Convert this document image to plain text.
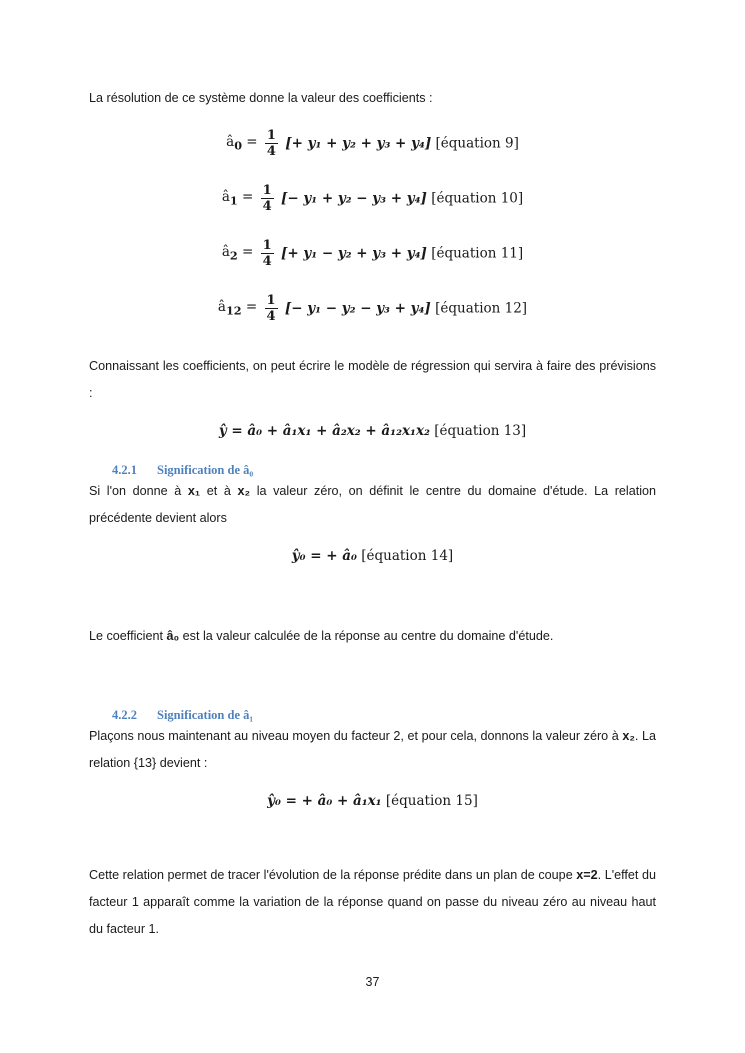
La résolution de ce système donne la valeur des coefficients :

$â_0 = \frac{1}{4}$ [+ y₁ + y₂ + y₃ + y₄] [équation 9]
$â_1 = \frac{1}{4}$ [− y₁ + y₂ − y₃ + y₄] [équation 10]
$â_2 = \frac{1}{4}$ [+ y₁ − y₂ + y₃ + y₄] [équation 11]
$â_{12} = \frac{1}{4}$ [− y₁ − y₂ − y₃ + y₄] [équation 12]

Connaissant les coefficients, on peut écrire le modèle de régression qui servira à faire des prévisions :

ŷ = â₀ + â₁x₁ + â₂x₂ + â₁₂x₁x₂ [équation 13]
4.2.1 Signification de â₀

Si l'on donne à x₁ et à x₂ la valeur zéro, on définit le centre du domaine d'étude. La relation précédente devient alors

ŷ₀ = + â₀ [équation 14]

Le coefficient â₀ est la valeur calculée de la réponse au centre du domaine d'étude.

4.2.2 Signification de â₁

Plaçons nous maintenant au niveau moyen du facteur 2, et pour cela, donnons la valeur zéro à x₂. La relation {13} devient :

ŷ₀ = + â₀ + â₁x₁ [équation 15]

Cette relation permet de tracer l'évolution de la réponse prédite dans un plan de coupe x=2. L'effet du facteur 1 apparaît comme la variation de la réponse quand on passe du niveau zéro au niveau haut du facteur 1.

37
